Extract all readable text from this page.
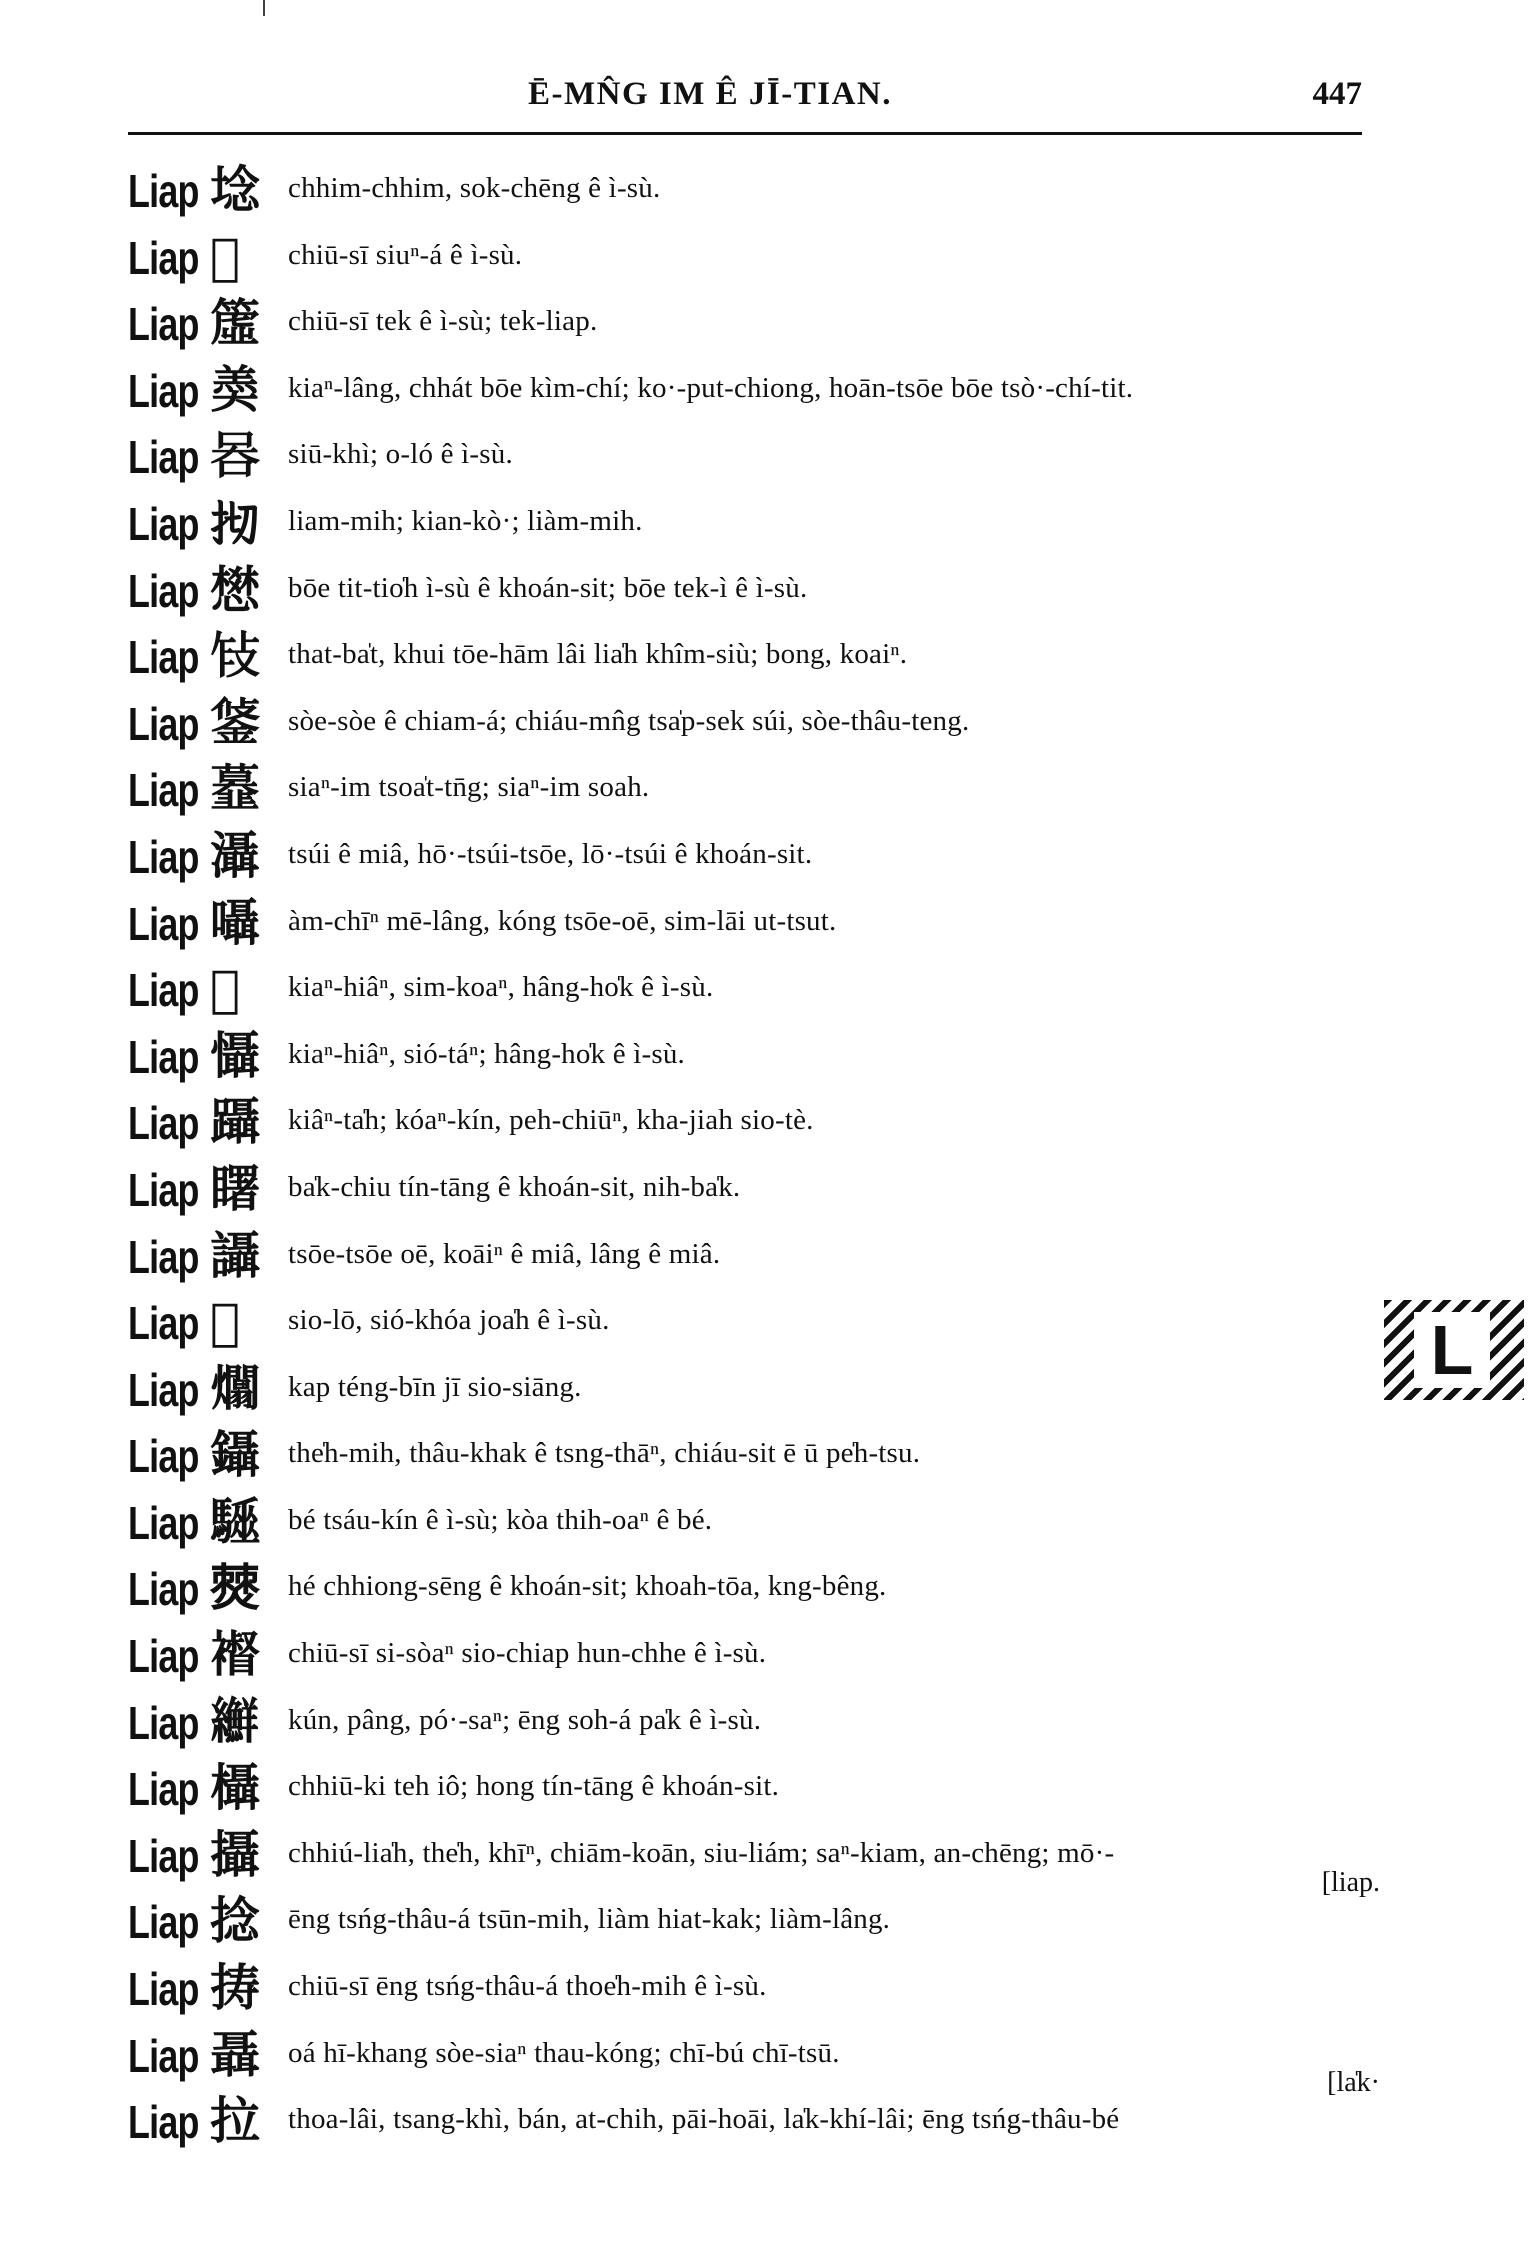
Ē-MN̂G IM Ê JĪ-TIAN.	447
Liap 埝 chhim-chhim, sok-chēng ê ì-sù.
Liap 𥸰 chiū-sī siuⁿ-á ê ì-sù.
Liap 𥳁 chiū-sī tek ê ì-sù; tek-liap.
Liap 𡙡 kiaⁿ-lâng, chhát bōe kìm-chí; ko·-put-chiong, hoān-tsōe bōe tsò·-chí-tit.
Liap 𠱑 siū-khì; o-ló ê ì-sù.
Liap 𢪃 liam-mih; kian-kò·; liàm-mih.
Liap 𢡟 bōe tit-tio̍h ì-sù ê khoán-sit; bōe tek-ì ê ì-sù.
Liap 𢼎 that-ba̍t, khui tōe-hām lâi lia̍h khîm-siù; bong, koaiⁿ.
Liap 𨦷 sòe-sòe ê chiam-á; chiáu-mn̂g tsa̍p-sek súi, sòe-thâu-teng.
Liap 𩐍 siaⁿ-im tsoa̍t-tn̄g; siaⁿ-im soah.
Liap 灄 tsúi ê miâ, hō·-tsúi-tsōe, lō·-tsúi ê khoán-sit.
Liap 囁 àm-chīⁿ mē-lâng, kóng tsōe-oē, sim-lāi ut-tsut.
Liap 𠍝 kiaⁿ-hiâⁿ, sim-koaⁿ, hâng-ho̍k ê ì-sù.
Liap 懾 kiaⁿ-hiâⁿ, sió-táⁿ; hâng-ho̍k ê ì-sù.
Liap 躡 kiâⁿ-ta̍h; kóaⁿ-kín, peh-chiūⁿ, kha-jiah sio-tè.
Liap 𥌓 ba̍k-chiu tín-tāng ê khoán-sit, nih-ba̍k.
Liap 讘 tsōe-tsōe oē, koāiⁿ ê miâ, lâng ê miâ.
Liap 𣋼 sio-lō, sió-khóa joa̍h ê ì-sù.
Liap 𤒻 kap téng-bīn jī sio-siāng.
Liap 鑷 the̍h-mih, thâu-khak ê tsng-thāⁿ, chiáu-sit ē ū pe̍h-tsu.
Liap 𩦁 bé tsáu-kín ê ì-sù; kòa thih-oaⁿ ê bé.
Liap 𤏡 hé chhiong-sēng ê khoán-sit; khoah-tōa, kng-bêng.
Liap 𧝴 chiū-sī si-sòaⁿ sio-chiap hun-chhe ê ì-sù.
Liap 𦇫 kún, pâng, pó·-saⁿ; ēng soh-á pa̍k ê ì-sù.
Liap 欇 chhiū-ki teh iô; hong tín-tāng ê khoán-sit.
Liap 攝 chhiú-lia̍h, the̍h, khīⁿ, chiām-koān, siu-liám; saⁿ-kiam, an-chēng; mō·-
[liap.
Liap 捻 ēng tsńg-thâu-á tsūn-mih, liàm hiat-kak; liàm-lâng.
Liap 𢭏 chiū-sī ēng tsńg-thâu-á thoe̍h-mih ê ì-sù.
Liap 聶 oá hī-khang sòe-siaⁿ thau-kóng; chī-bú chī-tsū.
[la̍k·
Liap 拉 thoa-lâi, tsang-khì, bán, at-chih, pāi-hoāi, la̍k-khí-lâi; ēng tsńg-thâu-bé
L
